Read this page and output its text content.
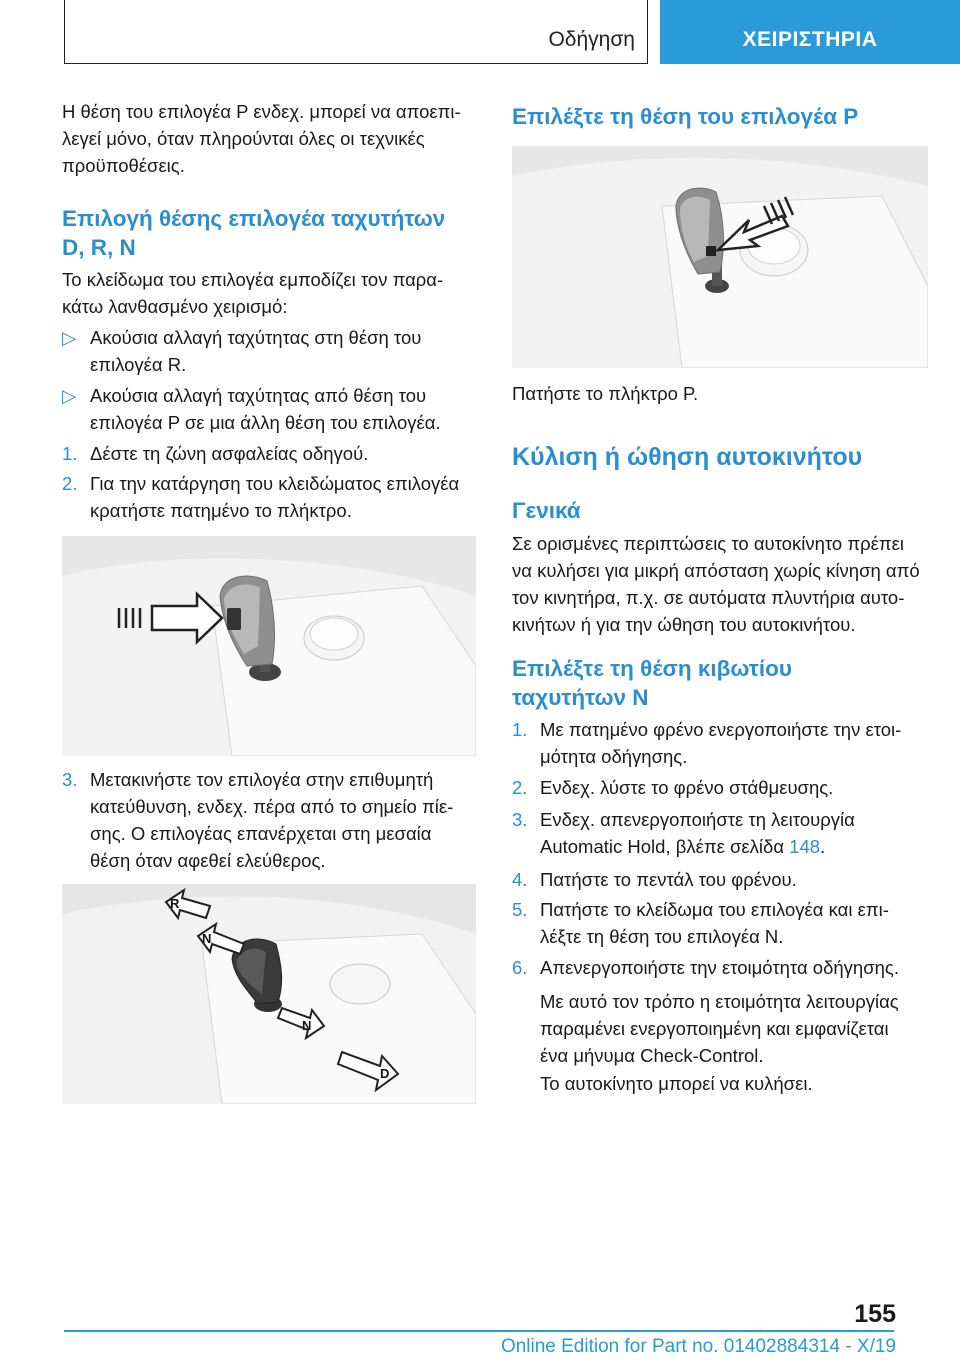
Οδήγηση	ΧΕΙΡΙΣΤΗΡΙΑ
Η θέση του επιλογέα P ενδεχ. μπορεί να αποεπι-
λεγεί μόνο, όταν πληρούνται όλες οι τεχνικές
προϋποθέσεις.
Επιλογή θέσης επιλογέα ταχυτήτων
D, R, N
Το κλείδωμα του επιλογέα εμποδίζει τον παρα-
κάτω λανθασμένο χειρισμό:
▷ Ακούσια αλλαγή ταχύτητας στη θέση του
επιλογέα R.
▷ Ακούσια αλλαγή ταχύτητας από θέση του
επιλογέα P σε μια άλλη θέση του επιλογέα.
1. Δέστε τη ζώνη ασφαλείας οδηγού.
2. Για την κατάργηση του κλειδώματος επιλογέα
κρατήστε πατημένο το πλήκτρο.
3. Μετακινήστε τον επιλογέα στην επιθυμητή
κατεύθυνση, ενδεχ. πέρα από το σημείο πίε-
σης. Ο επιλογέας επανέρχεται στη μεσαία
θέση όταν αφεθεί ελεύθερος.
R
N
N
D
Επιλέξτε τη θέση του επιλογέα P
Πατήστε το πλήκτρο P.
Κύλιση ή ώθηση αυτοκινήτου
Γενικά
Σε ορισμένες περιπτώσεις το αυτοκίνητο πρέπει
να κυλήσει για μικρή απόσταση χωρίς κίνηση από
τον κινητήρα, π.χ. σε αυτόματα πλυντήρια αυτο-
κινήτων ή για την ώθηση του αυτοκινήτου.
Επιλέξτε τη θέση κιβωτίου
ταχυτήτων N
1. Με πατημένο φρένο ενεργοποιήστε την ετοι-
μότητα οδήγησης.
2. Ενδεχ. λύστε το φρένο στάθμευσης.
3. Ενδεχ. απενεργοποιήστε τη λειτουργία
Automatic Hold, βλέπε σελίδα 148.
4. Πατήστε το πεντάλ του φρένου.
5. Πατήστε το κλείδωμα του επιλογέα και επι-
λέξτε τη θέση του επιλογέα N.
6. Απενεργοποιήστε την ετοιμότητα οδήγησης.
Με αυτό τον τρόπο η ετοιμότητα λειτουργίας
παραμένει ενεργοποιημένη και εμφανίζεται
ένα μήνυμα Check-Control.
Το αυτοκίνητο μπορεί να κυλήσει.
155
Online Edition for Part no. 01402884314 - X/19
